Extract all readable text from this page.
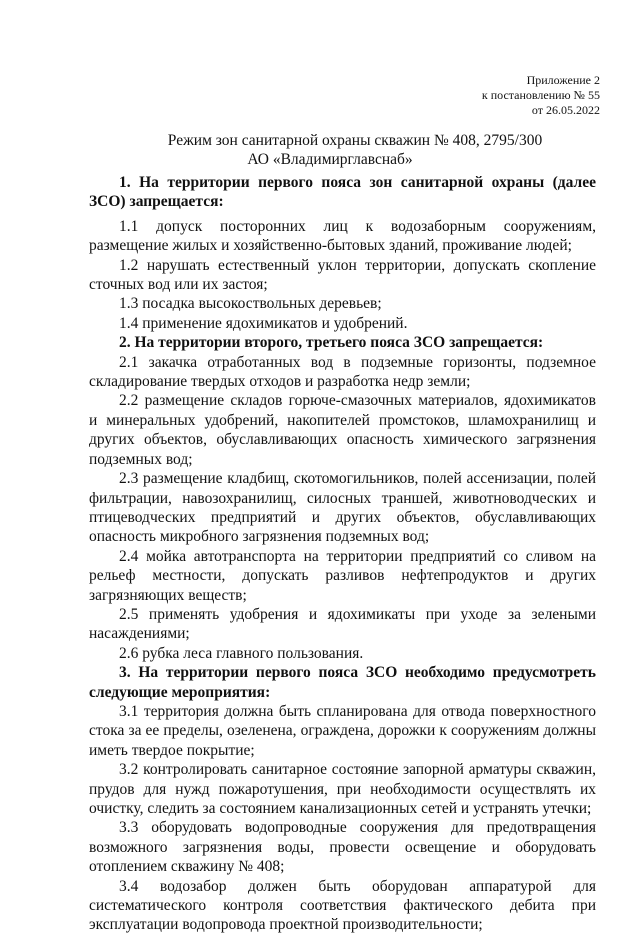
Приложение 2
к постановлению № 55
от 26.05.2022
Режим зон санитарной охраны скважин № 408, 2795/300
АО «Владимирглавснаб»

1. На территории первого пояса зон санитарной охраны (далее ЗСО) запрещается:

1.1 допуск посторонних лиц к водозаборным сооружениям, размещение жилых и хозяйственно-бытовых зданий, проживание людей;

1.2 нарушать естественный уклон территории, допускать скопление сточных вод или их застоя;

1.3 посадка высокоствольных деревьев;

1.4 применение ядохимикатов и удобрений.

2. На территории второго, третьего пояса ЗСО запрещается:

2.1 закачка отработанных вод в подземные горизонты, подземное складирование твердых отходов и разработка недр земли;

2.2 размещение складов горюче-смазочных материалов, ядохимикатов и минеральных удобрений, накопителей промстоков, шламохранилищ и других объектов, обуславливающих опасность химического загрязнения подземных вод;

2.3 размещение кладбищ, скотомогильников, полей ассенизации, полей фильтрации, навозохранилищ, силосных траншей, животноводческих и птицеводческих предприятий и других объектов, обуславливающих опасность микробного загрязнения подземных вод;

2.4 мойка автотранспорта на территории предприятий со сливом на рельеф местности, допускать разливов нефтепродуктов и других загрязняющих веществ;

2.5 применять удобрения и ядохимикаты при уходе за зелеными насаждениями;

2.6 рубка леса главного пользования.

3. На территории первого пояса ЗСО необходимо предусмотреть следующие мероприятия:

3.1 территория должна быть спланирована для отвода поверхностного стока за ее пределы, озеленена, ограждена, дорожки к сооружениям должны иметь твердое покрытие;

3.2 контролировать санитарное состояние запорной арматуры скважин, прудов для нужд пожаротушения, при необходимости осуществлять их очистку, следить за состоянием канализационных сетей и устранять утечки;

3.3 оборудовать водопроводные сооружения для предотвращения возможного загрязнения воды, провести освещение и оборудовать отоплением скважину № 408;

3.4 водозабор должен быть оборудован аппаратурой для систематического контроля соответствия фактического дебита при эксплуатации водопровода проектной производительности;
